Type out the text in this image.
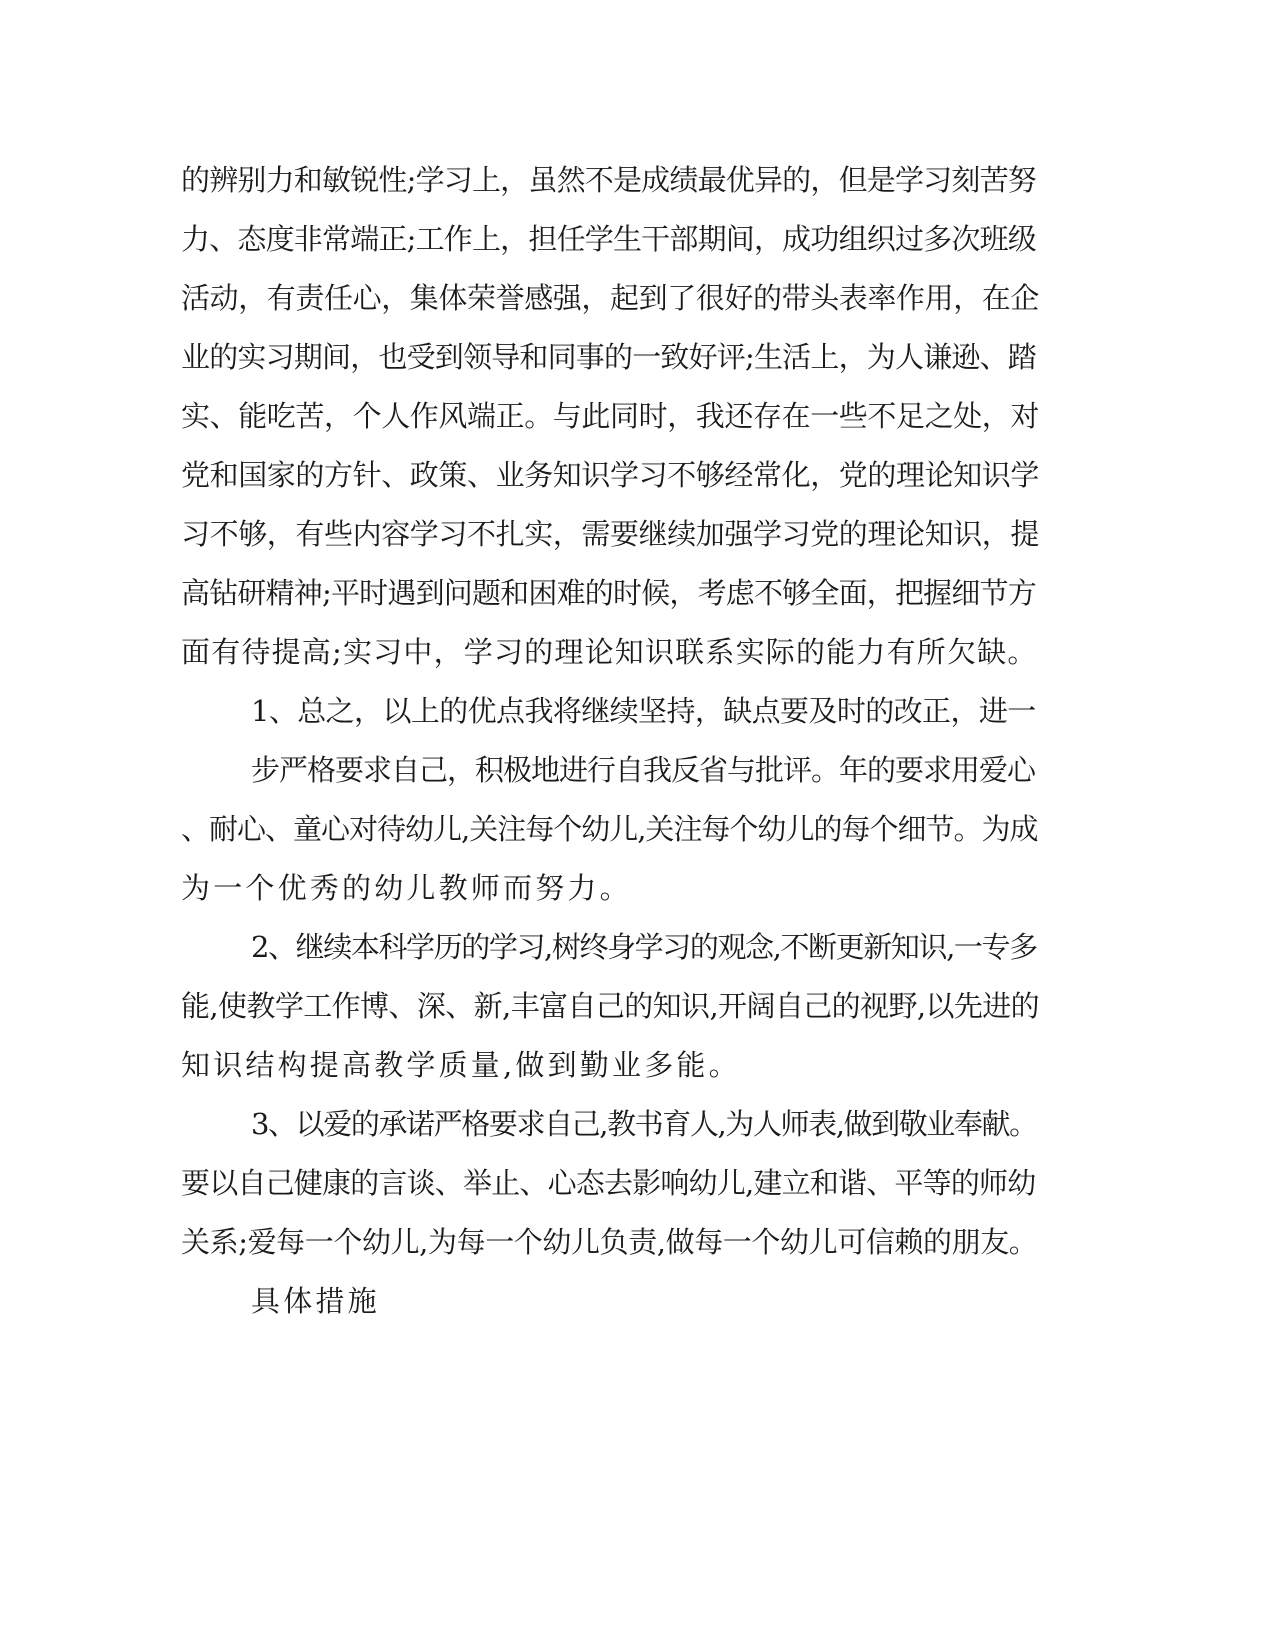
的辨别力和敏锐性;学习上，虽然不是成绩最优异的，但是学习刻苦努
力、态度非常端正;工作上，担任学生干部期间，成功组织过多次班级
活动，有责任心，集体荣誉感强，起到了很好的带头表率作用，在企
业的实习期间，也受到领导和同事的一致好评;生活上，为人谦逊、踏
实、能吃苦，个人作风端正。与此同时，我还存在一些不足之处，对
党和国家的方针、政策、业务知识学习不够经常化，党的理论知识学
习不够，有些内容学习不扎实，需要继续加强学习党的理论知识，提
高钻研精神;平时遇到问题和困难的时候，考虑不够全面，把握细节方
面有待提高;实习中，学习的理论知识联系实际的能力有所欠缺。
1、总之，以上的优点我将继续坚持，缺点要及时的改正，进一
步严格要求自己，积极地进行自我反省与批评。年的要求用爱心
、耐心、童心对待幼儿,关注每个幼儿,关注每个幼儿的每个细节。为成
为一个优秀的幼儿教师而努力。
2、继续本科学历的学习,树终身学习的观念,不断更新知识,一专多
能,使教学工作博、深、新,丰富自己的知识,开阔自己的视野,以先进的
知识结构提高教学质量,做到勤业多能。
3、以爱的承诺严格要求自己,教书育人,为人师表,做到敬业奉献。
要以自己健康的言谈、举止、心态去影响幼儿,建立和谐、平等的师幼
关系;爱每一个幼儿,为每一个幼儿负责,做每一个幼儿可信赖的朋友。
具体措施
